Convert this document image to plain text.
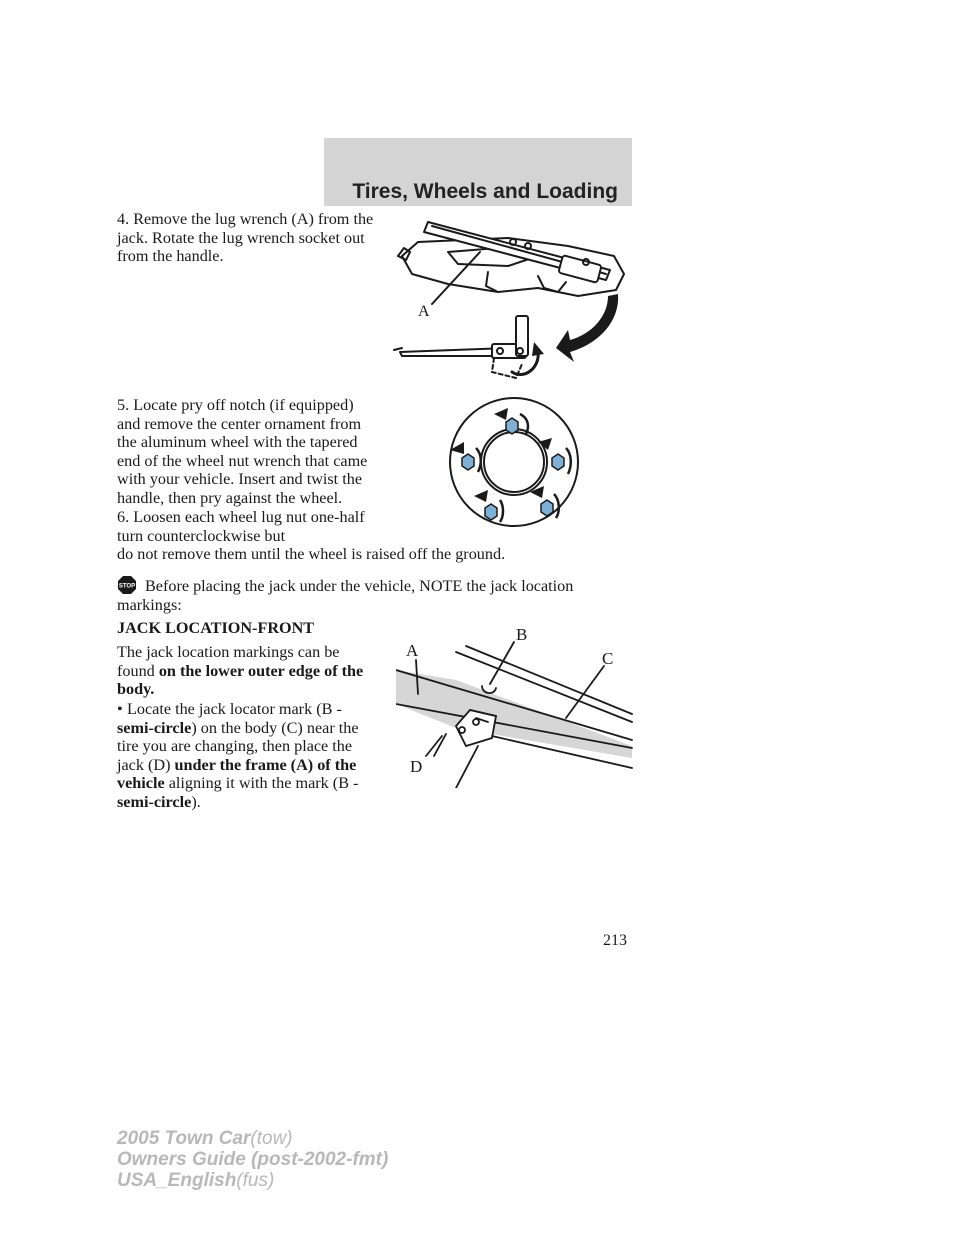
Tires, Wheels and Loading

4. Remove the lug wrench (A) from the jack. Rotate the lug wrench socket out from the handle.

A

5. Locate pry off notch (if equipped) and remove the center ornament from the aluminum wheel with the tapered end of the wheel nut wrench that came with your vehicle. Insert and twist the handle, then pry against the wheel.

6. Loosen each wheel lug nut one-half turn counterclockwise but

do not remove them until the wheel is raised off the ground.

STOP Before placing the jack under the vehicle, NOTE the jack location
markings:

JACK LOCATION-FRONT

The jack location markings can be found on the lower outer edge of the body.

• Locate the jack locator mark (B - semi-circle) on the body (C) near the tire you are changing, then place the jack (D) under the frame (A) of the vehicle aligning it with the mark (B - semi-circle).
A
B
C
D
213
2005 Town Car(tow)
Owners Guide (post-2002-fmt)
USA_English(fus)
